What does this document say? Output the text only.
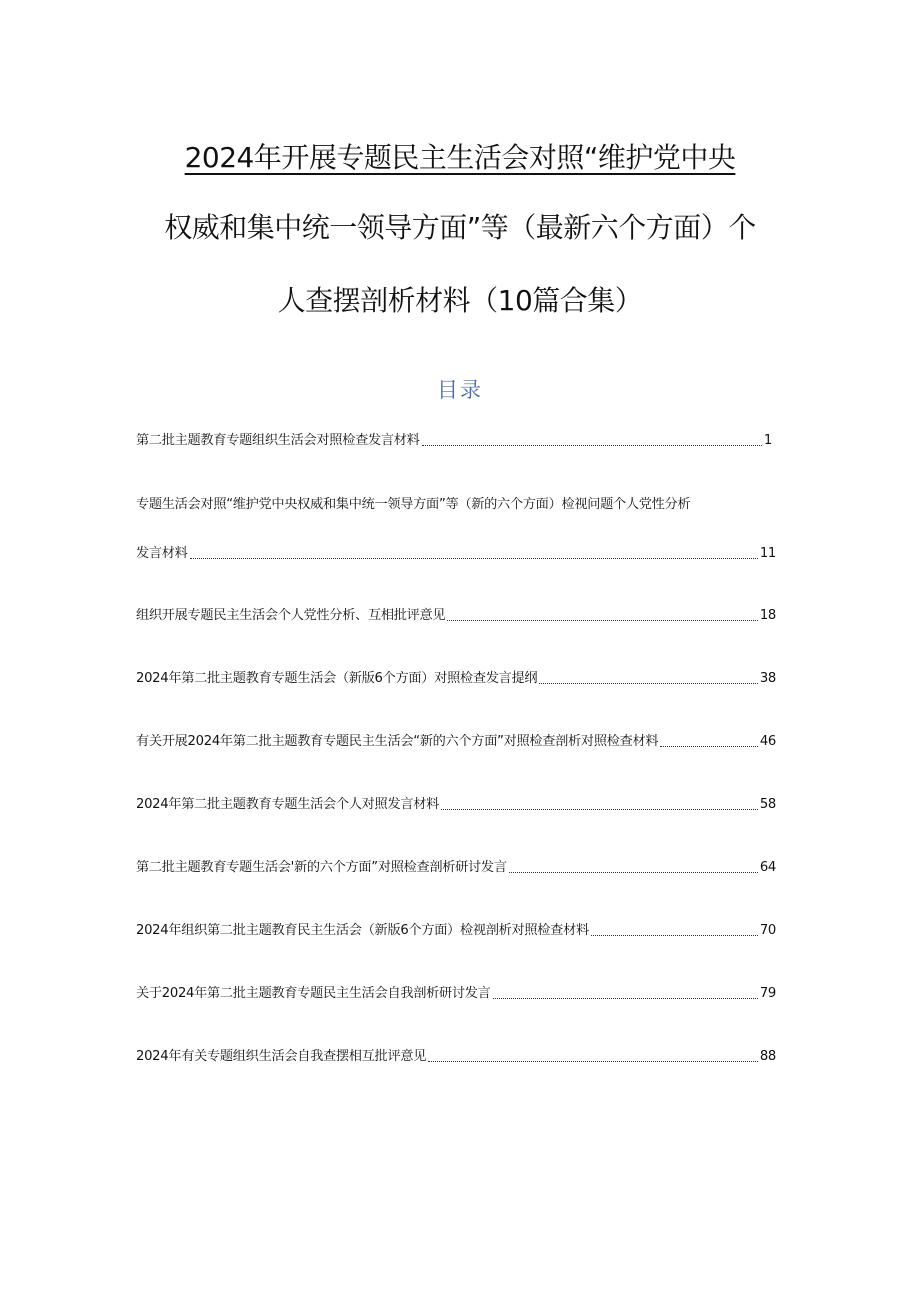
2024年开展专题民主生活会对照“维护党中央
权威和集中统一领导方面”等（最新六个方面）个
人查摆剖析材料（10篇合集）
目录
第二批主题教育专题组织生活会对照检查发言材料	1
专题生活会对照“维护党中央权威和集中统一领导方面”等（新的六个方面）检视问题个人党性分析
发言材料	11
组织开展专题民主生活会个人党性分析、互相批评意见	18
2024年第二批主题教育专题生活会（新版6个方面）对照检查发言提纲	38
有关开展2024年第二批主题教育专题民主生活会“新的六个方面”对照检查剖析对照检查材料	46
2024年第二批主题教育专题生活会个人对照发言材料	58
第二批主题教育专题生活会'新的六个方面”对照检查剖析研讨发言	64
2024年组织第二批主题教育民主生活会（新版6个方面）检视剖析对照检查材料	70
关于2024年第二批主题教育专题民主生活会自我剖析研讨发言	79
2024年有关专题组织生活会自我查摆相互批评意见	88
